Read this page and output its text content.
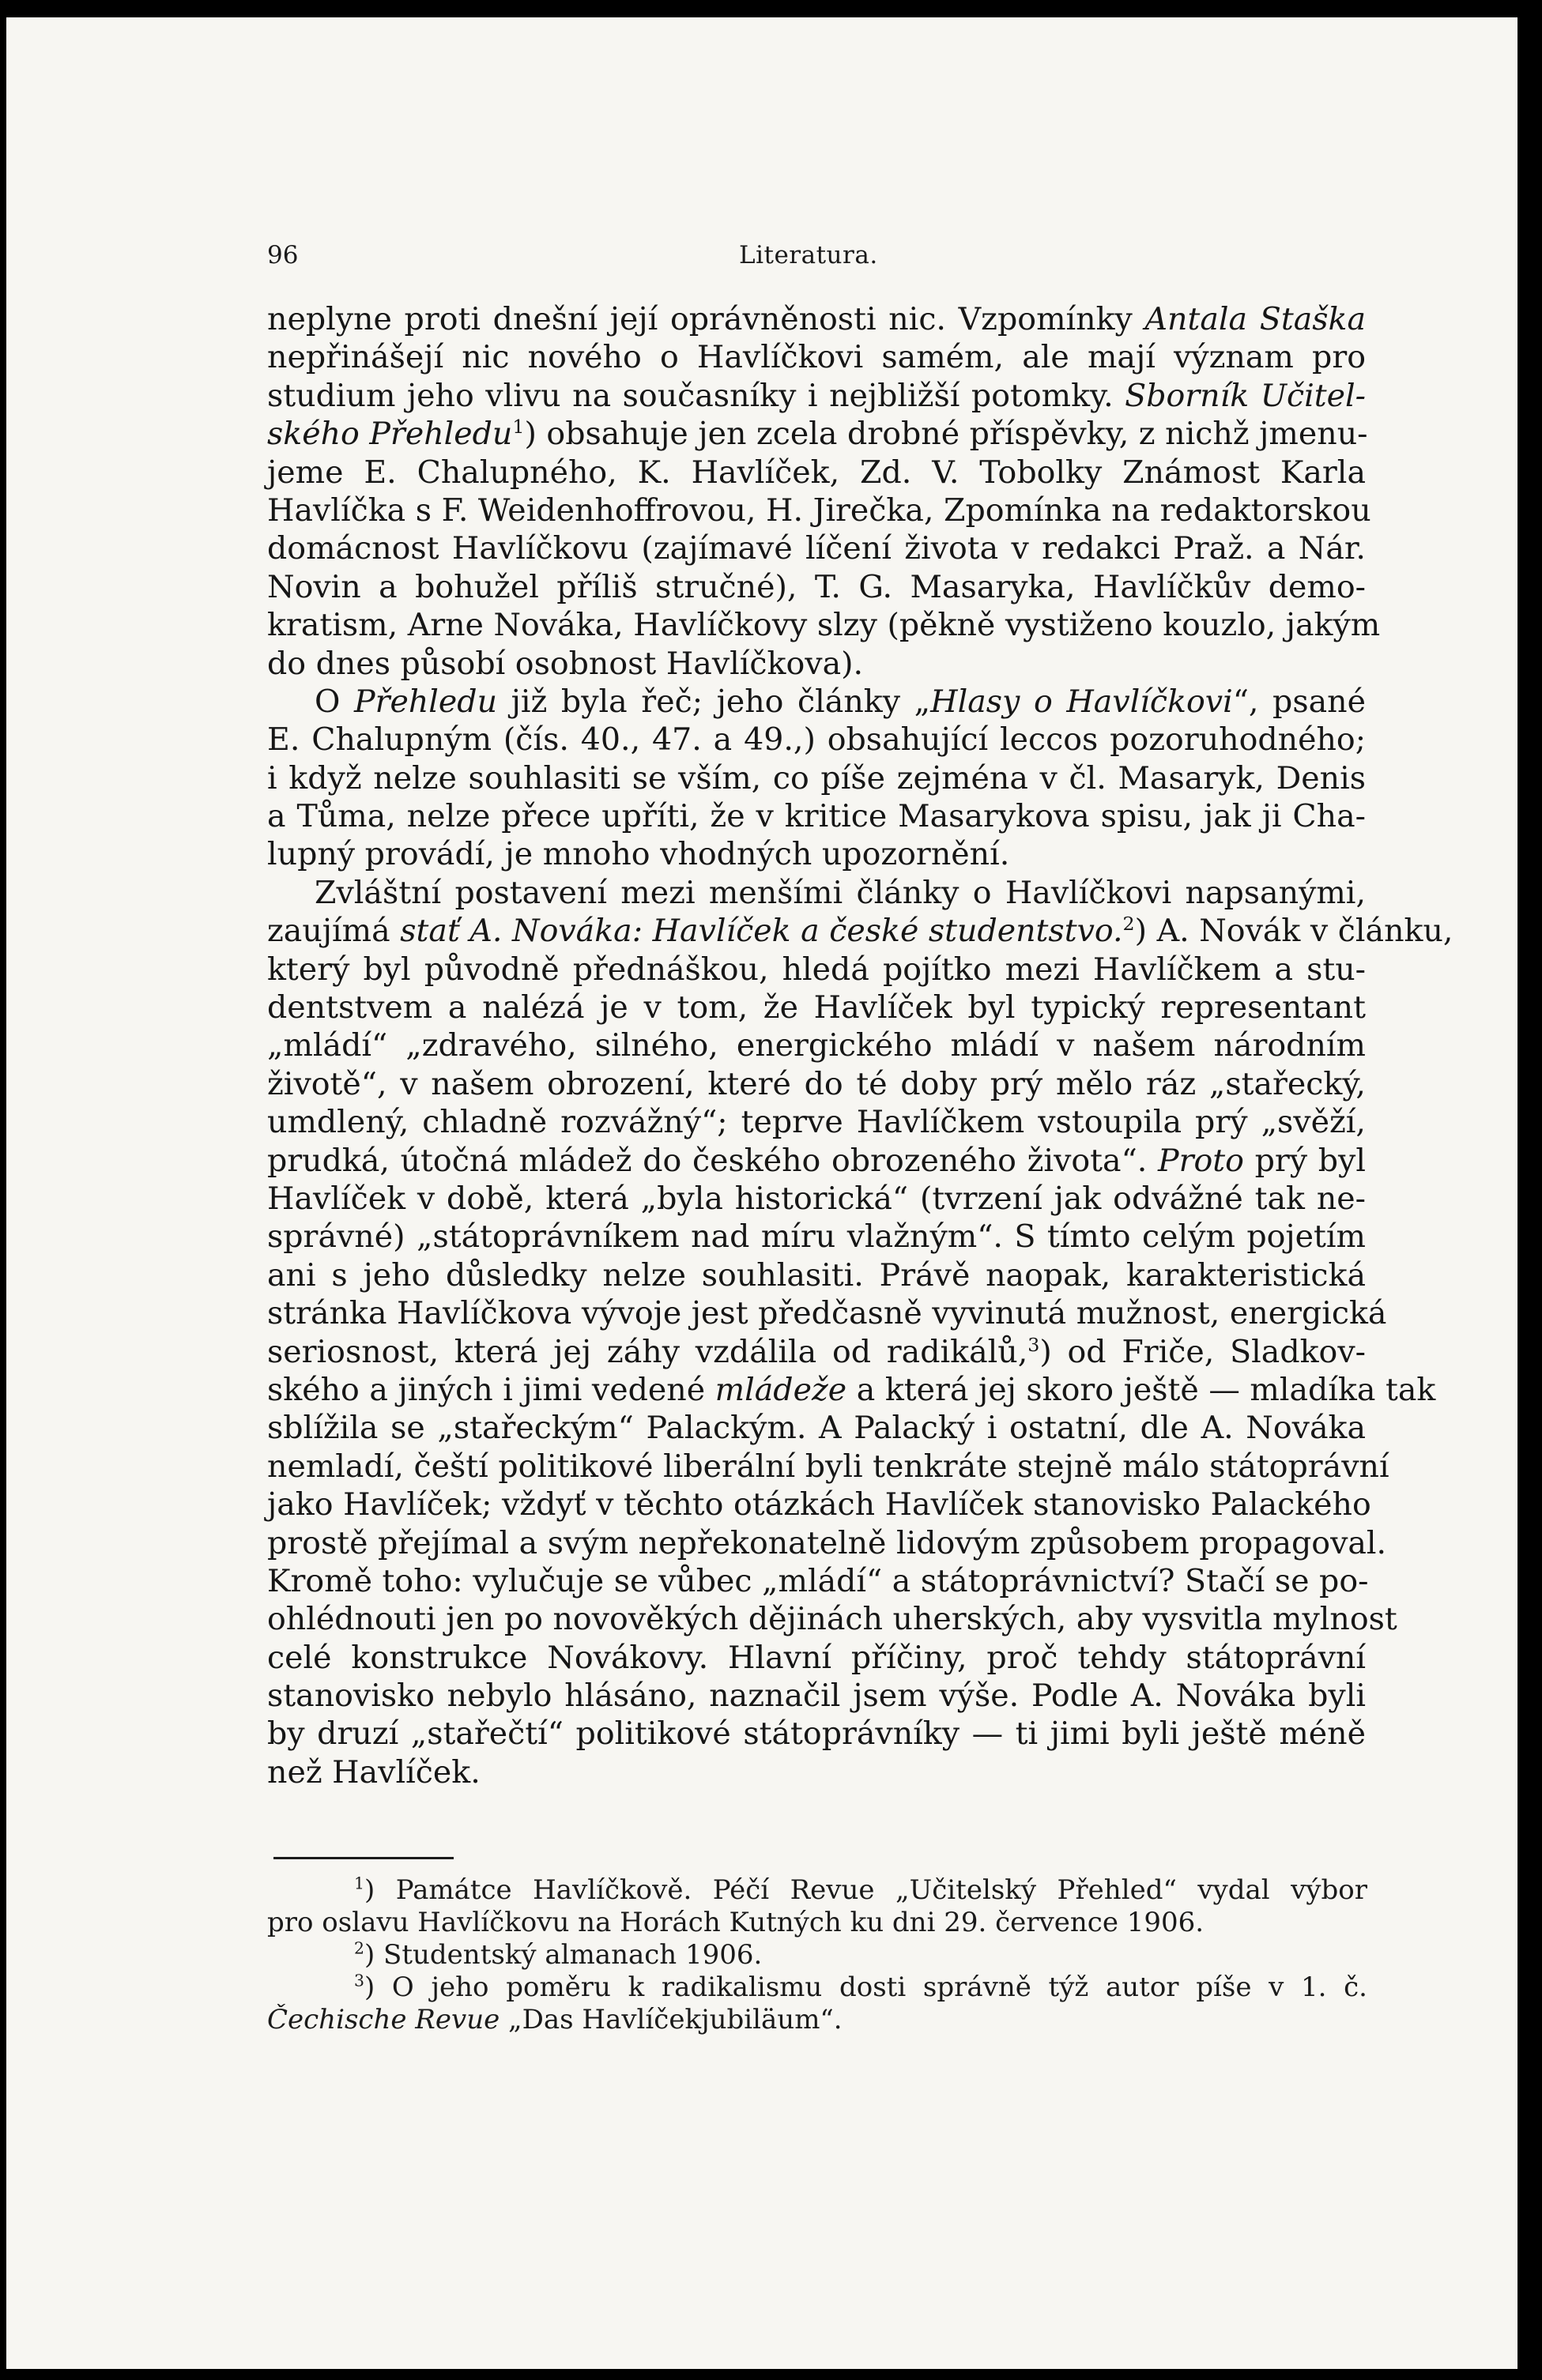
96	Literatura.
neplyne proti dnešní její oprávněnosti nic. Vzpomínky Antala Staška
nepřinášejí nic nového o Havlíčkovi samém, ale mají význam pro
studium jeho vlivu na současníky i nejbližší potomky. Sborník Učitel-
ského Přehledu$^1$) obsahuje jen zcela drobné příspěvky, z nichž jmenu-
jeme E. Chalupného, K. Havlíček, Zd. V. Tobolky Známost Karla
Havlíčka s F. Weidenhoffrovou, H. Jirečka, Zpomínka na redaktorskou
domácnost Havlíčkovu (zajímavé líčení života v redakci Praž. a Nár.
Novin a bohužel příliš stručné), T. G. Masaryka, Havlíčkův demo-
kratism, Arne Nováka, Havlíčkovy slzy (pěkně vystiženo kouzlo, jakým
do dnes působí osobnost Havlíčkova).
O Přehledu již byla řeč; jeho články „Hlasy o Havlíčkovi“, psané
E. Chalupným (čís. 40., 47. a 49.,) obsahující leccos pozoruhodného;
i když nelze souhlasiti se vším, co píše zejména v čl. Masaryk, Denis
a Tůma, nelze přece upříti, že v kritice Masarykova spisu, jak ji Cha-
lupný provádí, je mnoho vhodných upozornění.
Zvláštní postavení mezi menšími články o Havlíčkovi napsanými,
zaujímá stať A. Nováka: Havlíček a české studentstvo.$^2$) A. Novák v článku,
který byl původně přednáškou, hledá pojítko mezi Havlíčkem a stu-
dentstvem a nalézá je v tom, že Havlíček byl typický representant
„mládí“ „zdravého, silného, energického mládí v našem národním
životě“, v našem obrození, které do té doby prý mělo ráz „stařecký,
umdlený, chladně rozvážný“; teprve Havlíčkem vstoupila prý „svěží,
prudká, útočná mládež do českého obrozeného života“. Proto prý byl
Havlíček v době, která „byla historická“ (tvrzení jak odvážné tak ne-
správné) „státoprávníkem nad míru vlažným“. S tímto celým pojetím
ani s jeho důsledky nelze souhlasiti. Právě naopak, karakteristická
stránka Havlíčkova vývoje jest předčasně vyvinutá mužnost, energická
seriosnost, která jej záhy vzdálila od radikálů,$^3$) od Friče, Sladkov-
ského a jiných i jimi vedené mládeže a která jej skoro ještě — mladíka tak
sblížila se „stařeckým“ Palackým. A Palacký i ostatní, dle A. Nováka
nemladí, čeští politikové liberální byli tenkráte stejně málo státoprávní
jako Havlíček; vždyť v těchto otázkách Havlíček stanovisko Palackého
prostě přejímal a svým nepřekonatelně lidovým způsobem propagoval.
Kromě toho: vylučuje se vůbec „mládí“ a státoprávnictví? Stačí se po-
ohlédnouti jen po novověkých dějinách uherských, aby vysvitla mylnost
celé konstrukce Novákovy. Hlavní příčiny, proč tehdy státoprávní
stanovisko nebylo hlásáno, naznačil jsem výše. Podle A. Nováka byli
by druzí „stařečtí“ politikové státoprávníky — ti jimi byli ještě méně
než Havlíček.
$^1$) Památce Havlíčkově. Péčí Revue „Učitelský Přehled“ vydal výbor
pro oslavu Havlíčkovu na Horách Kutných ku dni 29. července 1906.
$^2$) Studentský almanach 1906.
$^3$) O jeho poměru k radikalismu dosti správně týž autor píše v 1. č.
Čechische Revue „Das Havlíčekjubiläum“.
